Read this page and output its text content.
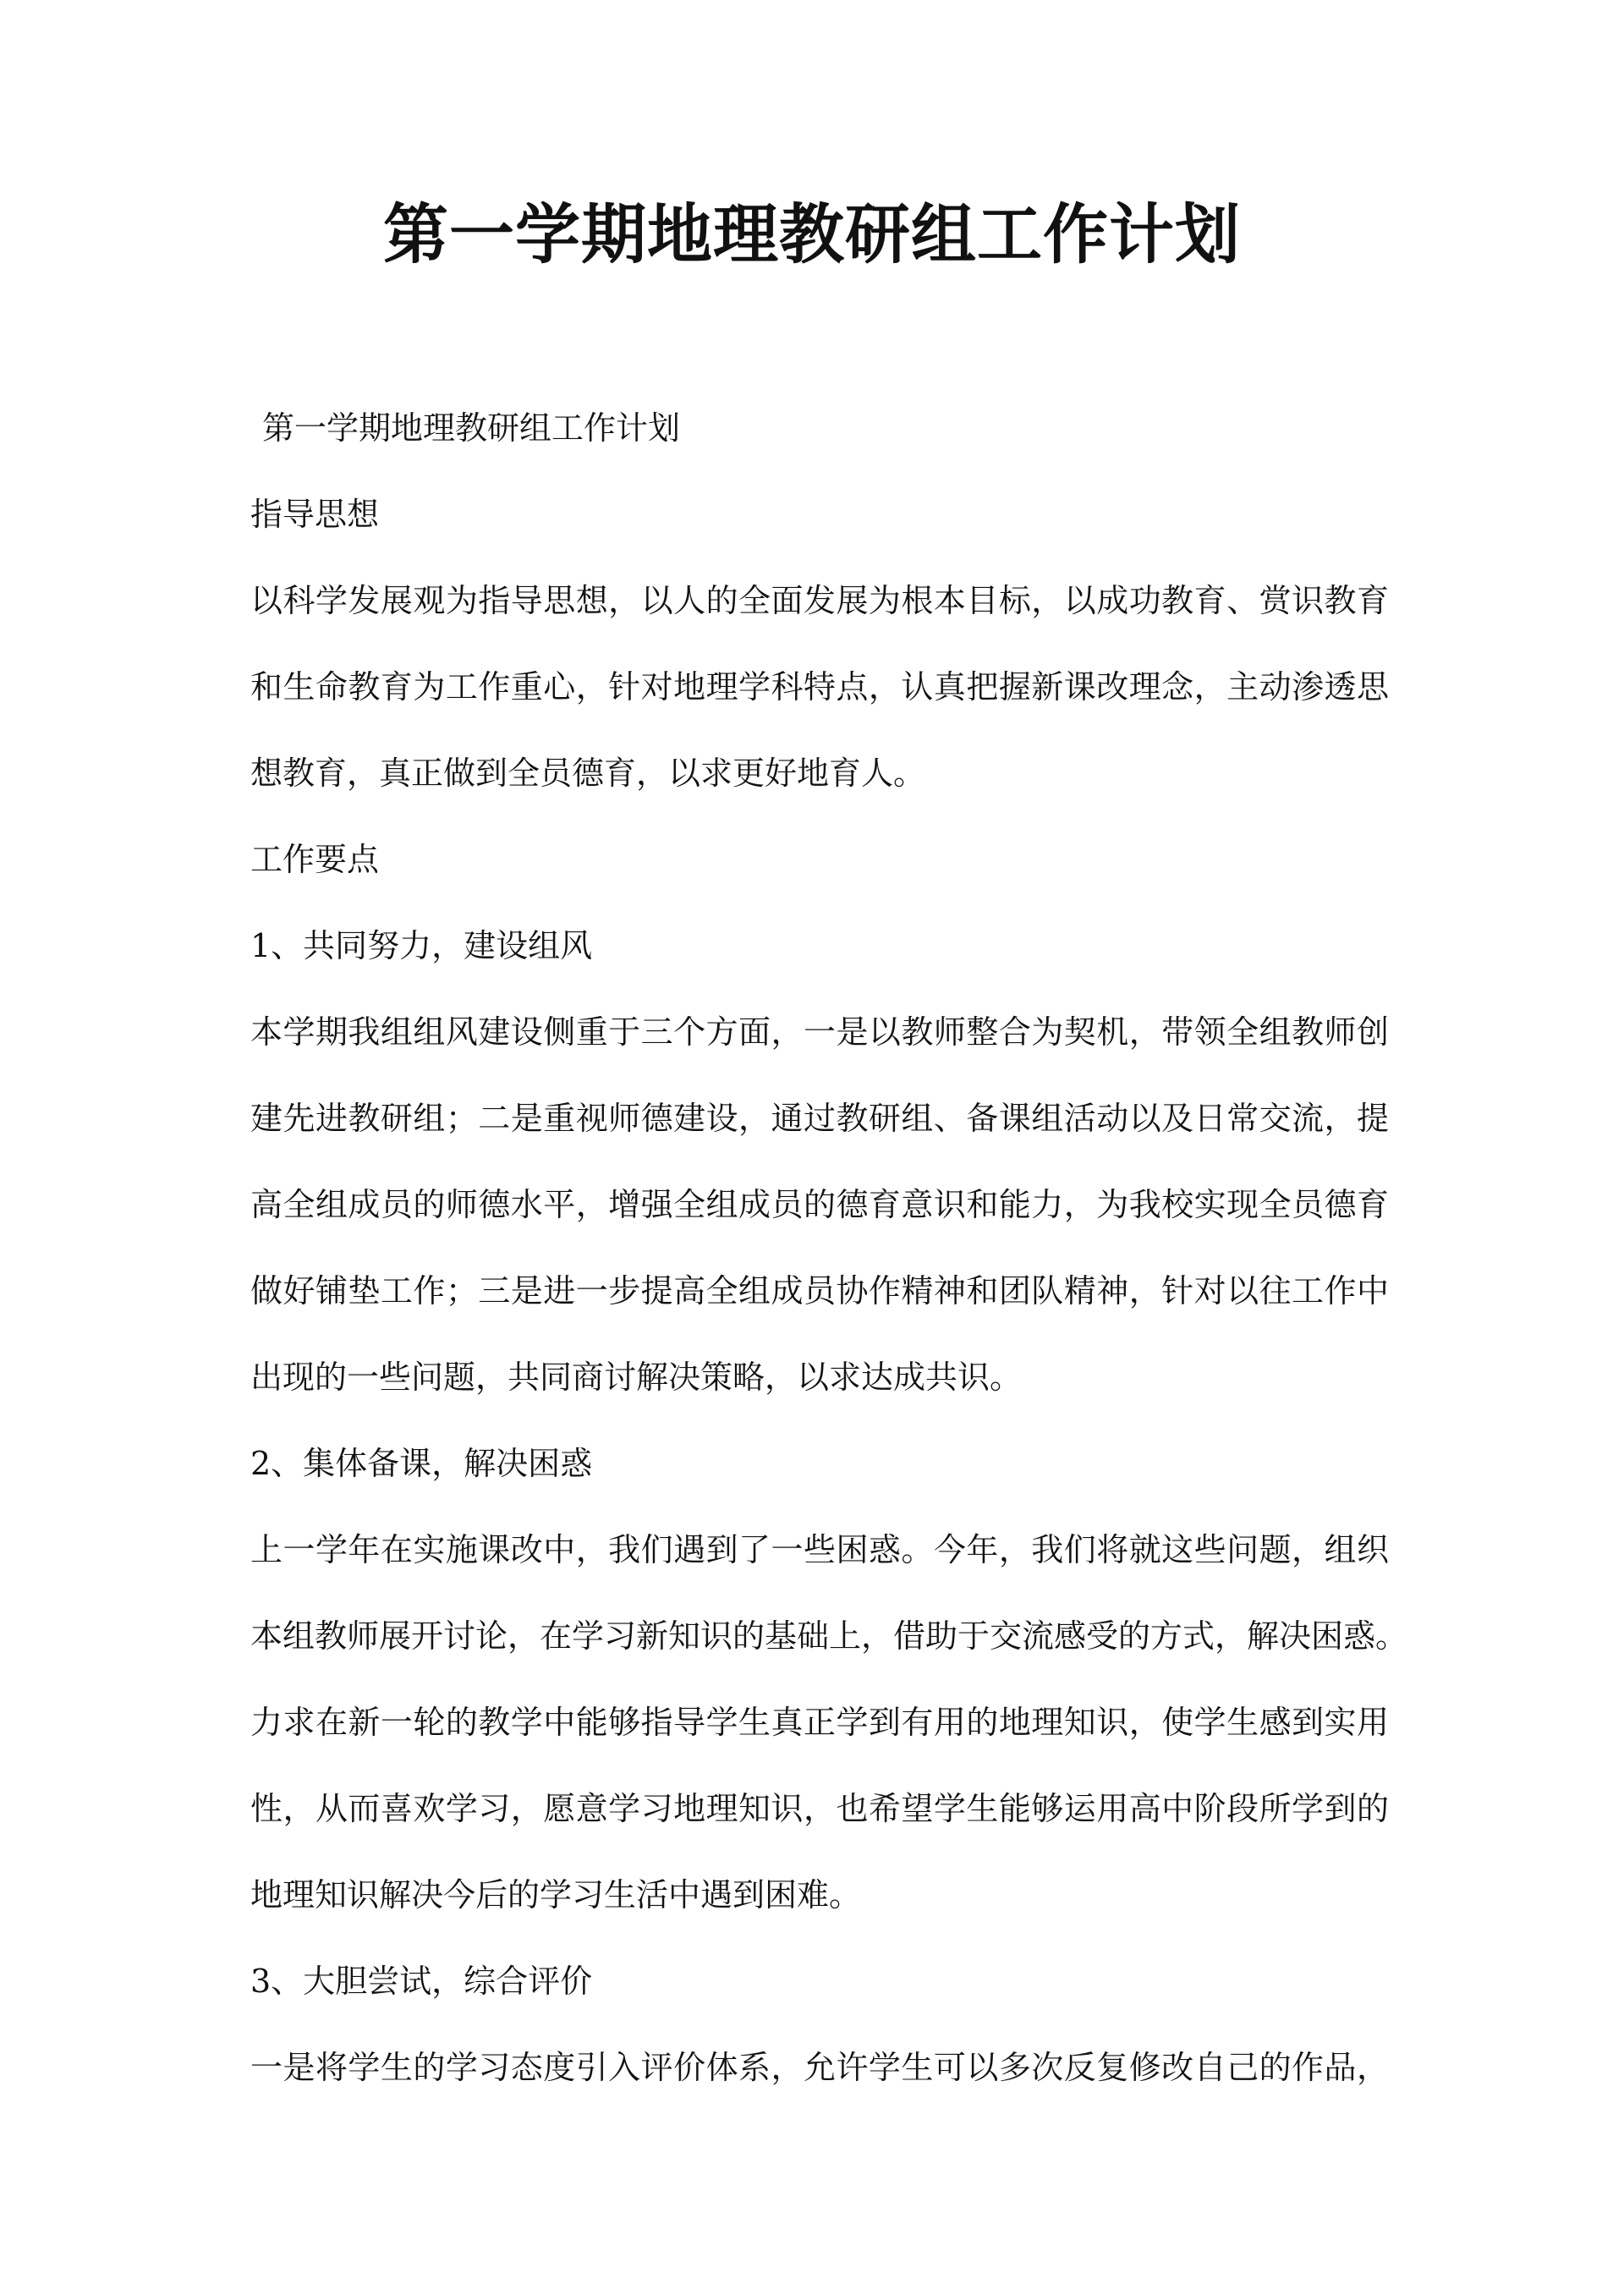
第一学期地理教研组工作计划
第一学期地理教研组工作计划
指导思想
以科学发展观为指导思想，以人的全面发展为根本目标，以成功教育、赏识教育
和生命教育为工作重心，针对地理学科特点，认真把握新课改理念，主动渗透思
想教育，真正做到全员德育，以求更好地育人。
工作要点
1、共同努力，建设组风
本学期我组组风建设侧重于三个方面，一是以教师整合为契机，带领全组教师创
建先进教研组；二是重视师德建设，通过教研组、备课组活动以及日常交流，提
高全组成员的师德水平，增强全组成员的德育意识和能力，为我校实现全员德育
做好铺垫工作；三是进一步提高全组成员协作精神和团队精神，针对以往工作中
出现的一些问题，共同商讨解决策略，以求达成共识。
2、集体备课，解决困惑
上一学年在实施课改中，我们遇到了一些困惑。今年，我们将就这些问题，组织
本组教师展开讨论，在学习新知识的基础上，借助于交流感受的方式，解决困惑。
力求在新一轮的教学中能够指导学生真正学到有用的地理知识，使学生感到实用
性，从而喜欢学习，愿意学习地理知识，也希望学生能够运用高中阶段所学到的
地理知识解决今后的学习生活中遇到困难。
3、大胆尝试，综合评价
一是将学生的学习态度引入评价体系，允许学生可以多次反复修改自己的作品，
